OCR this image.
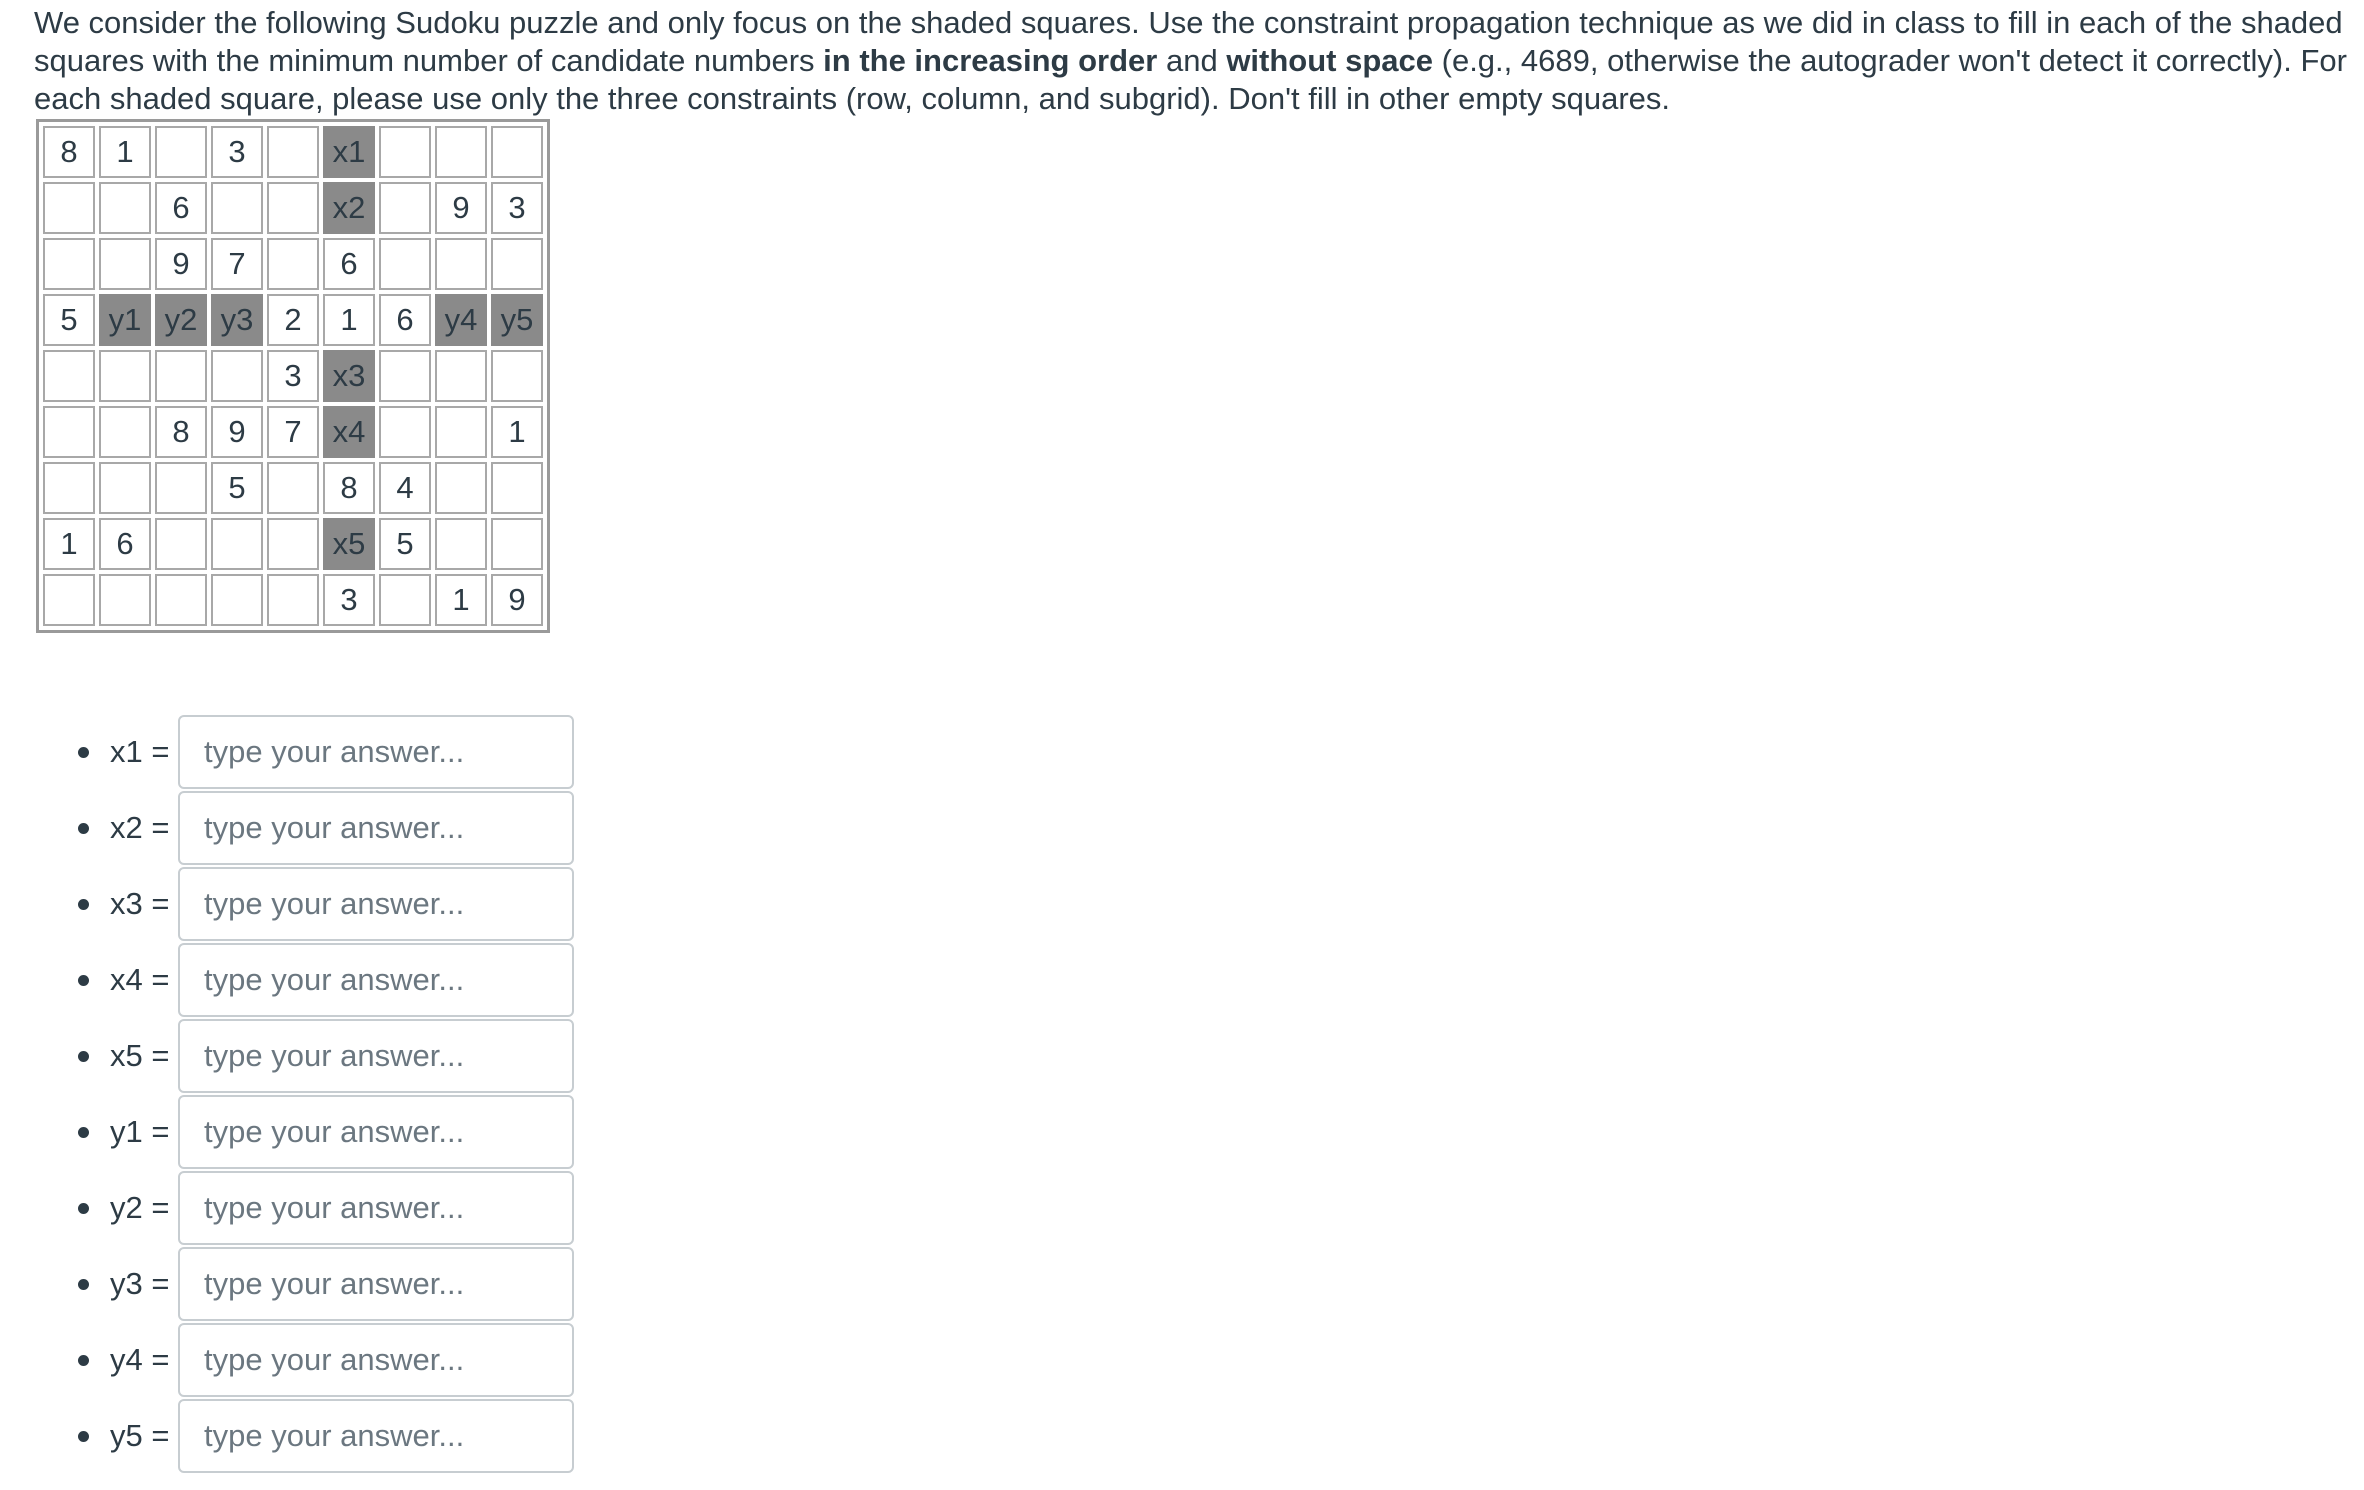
We consider the following Sudoku puzzle and only focus on the shaded squares. Use the constraint propagation technique as we did in class to fill in each of the shaded squares with the minimum number of candidate numbers in the increasing order and without space (e.g., 4689, otherwise the autograder won't detect it correctly). For each shaded square, please use only the three constraints (row, column, and subgrid). Don't fill in other empty squares.
8	1		3		x1			
		6			x2		9	3
		9	7		6			
5	y1	y2	y3	2	1	6	y4	y5
				3	x3			
		8	9	7	x4			1
			5		8	4		
1	6				x5	5		
					3		1	9
x1 =
type your answer...
x2 =
type your answer...
x3 =
type your answer...
x4 =
type your answer...
x5 =
type your answer...
y1 =
type your answer...
y2 =
type your answer...
y3 =
type your answer...
y4 =
type your answer...
y5 =
type your answer...
